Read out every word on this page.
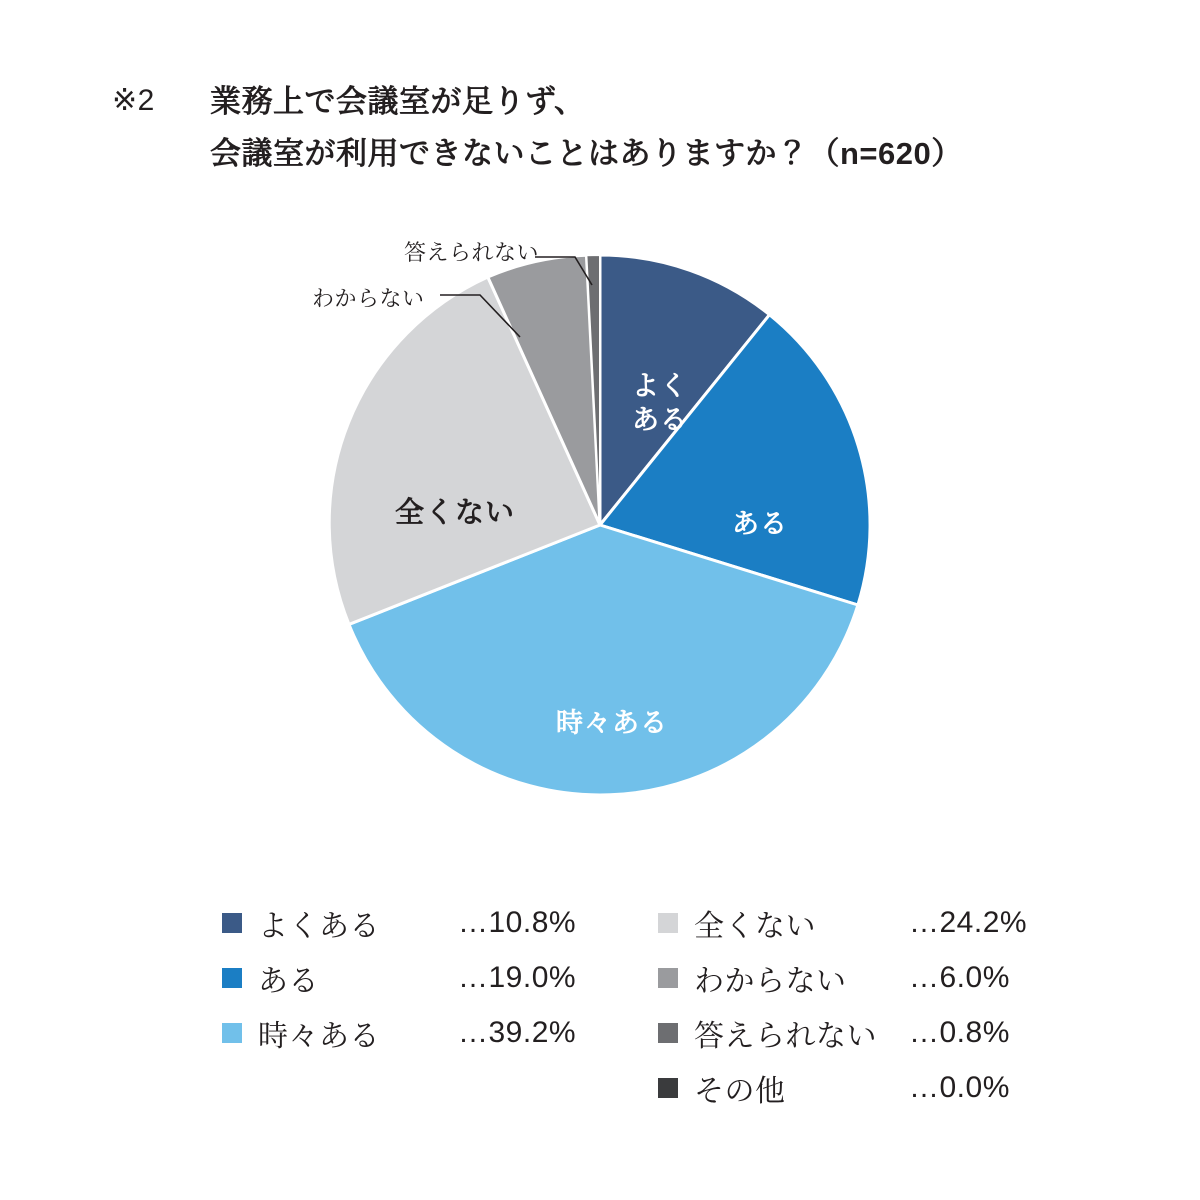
※2	業務上で会議室が足りず、
会議室が利用できないことはありますか？（n=620）
よく
ある
ある
時々ある
全くない
わからない
答えられない
よくある	…10.8%
ある	…19.0%
時々ある	…39.2%
全くない	…24.2%
わからない	…6.0%
答えられない	…0.8%
その他	…0.0%
